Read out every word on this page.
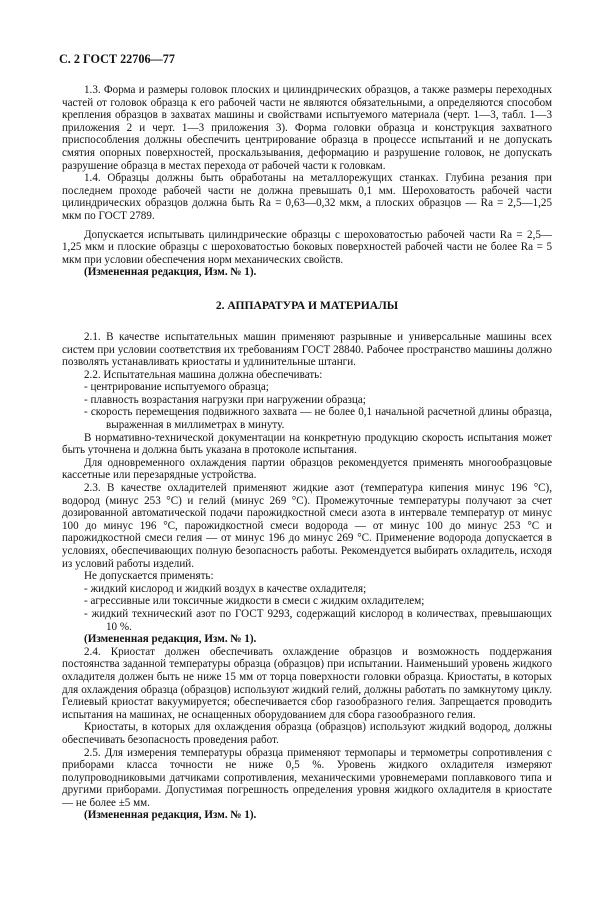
С. 2 ГОСТ 22706—77

1.3. Форма и размеры головок плоских и цилиндрических образцов, а также размеры переходных частей от головок образца к его рабочей части не являются обязательными, а определяются способом крепления образцов в захватах машины и свойствами испытуемого материала (черт. 1—3, табл. 1—3 приложения 2 и черт. 1—3 приложения 3). Форма головки образца и конструкция захватного приспособления должны обеспечить центрирование образца в процессе испытаний и не допускать смятия опорных поверхностей, проскальзывания, деформацию и разрушение головок, не допускать разрушение образца в местах перехода от рабочей части к головкам.

1.4. Образцы должны быть обработаны на металлорежущих станках. Глубина резания при последнем проходе рабочей части не должна превышать 0,1 мм. Шероховатость рабочей части цилиндрических образцов должна быть Ra = 0,63—0,32 мкм, а плоских образцов — Ra = 2,5—1,25 мкм по ГОСТ 2789.

Допускается испытывать цилиндрические образцы с шероховатостью рабочей части Ra = 2,5—1,25 мкм и плоские образцы с шероховатостью боковых поверхностей рабочей части не более Ra = 5 мкм при условии обеспечения норм механических свойств.

(Измененная редакция, Изм. № 1).

2. АППАРАТУРА И МАТЕРИАЛЫ

2.1. В качестве испытательных машин применяют разрывные и универсальные машины всех систем при условии соответствия их требованиям ГОСТ 28840. Рабочее пространство машины должно позволять устанавливать криостаты и удлинительные штанги.

2.2. Испытательная машина должна обеспечивать:

- центрирование испытуемого образца;

- плавность возрастания нагрузки при нагружении образца;

- скорость перемещения подвижного захвата — не более 0,1 начальной расчетной длины образца, выраженная в миллиметрах в минуту.

В нормативно-технической документации на конкретную продукцию скорость испытания может быть уточнена и должна быть указана в протоколе испытания.

Для одновременного охлаждения партии образцов рекомендуется применять многообразцовые кассетные или перезарядные устройства.

2.3. В качестве охладителей применяют жидкие азот (температура кипения минус 196 °С), водород (минус 253 °С) и гелий (минус 269 °С). Промежуточные температуры получают за счет дозированной автоматической подачи парожидкостной смеси азота в интервале температур от минус 100 до минус 196 °С, парожидкостной смеси водорода — от минус 100 до минус 253 °С и парожидкостной смеси гелия — от минус 196 до минус 269 °С. Применение водорода допускается в условиях, обеспечивающих полную безопасность работы. Рекомендуется выбирать охладитель, исходя из условий работы изделий.

Не допускается применять:

- жидкий кислород и жидкий воздух в качестве охладителя;

- агрессивные или токсичные жидкости в смеси с жидким охладителем;

- жидкий технический азот по ГОСТ 9293, содержащий кислород в количествах, превышающих 10 %.

(Измененная редакция, Изм. № 1).

2.4. Криостат должен обеспечивать охлаждение образцов и возможность поддержания постоянства заданной температуры образца (образцов) при испытании. Наименьший уровень жидкого охладителя должен быть не ниже 15 мм от торца поверхности головки образца. Криостаты, в которых для охлаждения образца (образцов) используют жидкий гелий, должны работать по замкнутому циклу. Гелиевый криостат вакуумируется; обеспечивается сбор газообразного гелия. Запрещается проводить испытания на машинах, не оснащенных оборудованием для сбора газообразного гелия.

Криостаты, в которых для охлаждения образца (образцов) используют жидкий водород, должны обеспечивать безопасность проведения работ.

2.5. Для измерения температуры образца применяют термопары и термометры сопротивления с приборами класса точности не ниже 0,5 %. Уровень жидкого охладителя измеряют полупроводниковыми датчиками сопротивления, механическими уровнемерами поплавкового типа и другими приборами. Допустимая погрешность определения уровня жидкого охладителя в криостате — не более ±5 мм.

(Измененная редакция, Изм. № 1).
